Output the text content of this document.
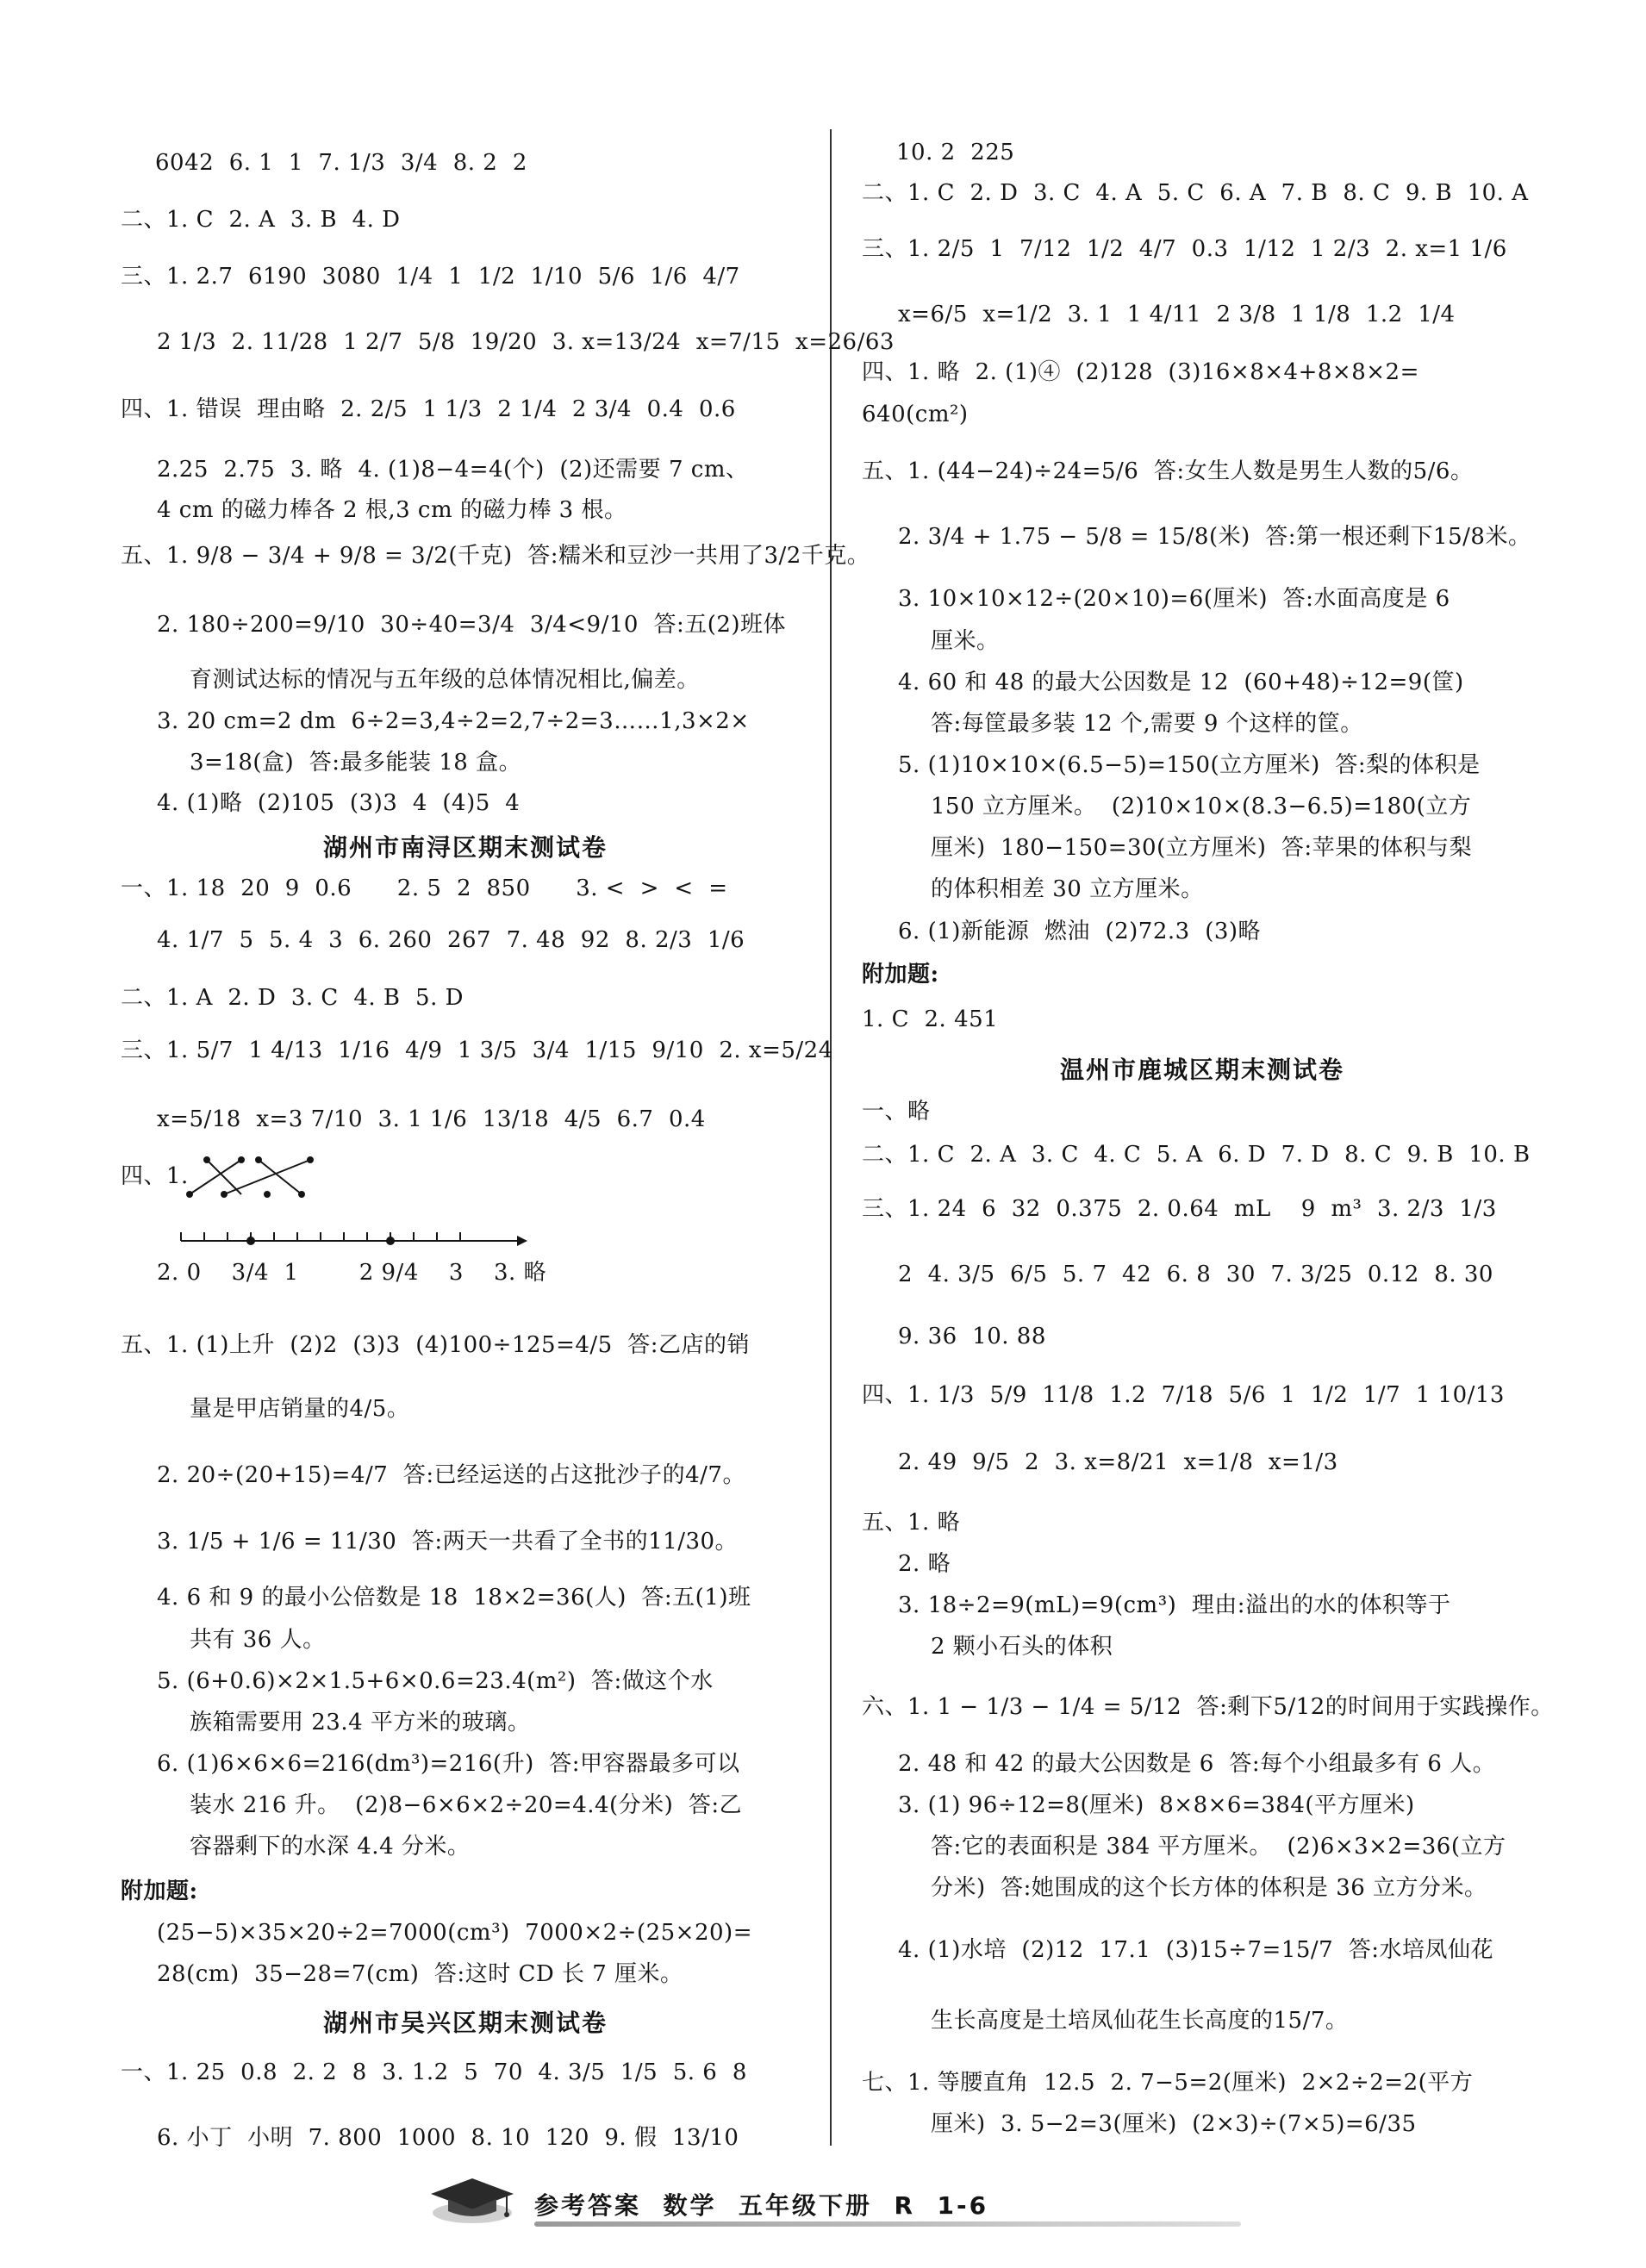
6042  6. 1  1  7. 1/3  3/4  8. 2  2
二、1. C  2. A  3. B  4. D
三、1. 2.7  6190  3080  1/4  1  1/2  1/10  5/6  1/6  4/7
2 1/3  2. 11/28  1 2/7  5/8  19/20  3. x=13/24  x=7/15  x=26/63
四、1. 错误  理由略  2. 2/5  1 1/3  2 1/4  2 3/4  0.4  0.6
2.25  2.75  3. 略  4. (1)8−4=4(个)  (2)还需要 7 cm、
4 cm 的磁力棒各 2 根,3 cm 的磁力棒 3 根。
五、1. 9/8 − 3/4 + 9/8 = 3/2(千克)  答:糯米和豆沙一共用了3/2千克。
2. 180÷200=9/10  30÷40=3/4  3/4<9/10  答:五(2)班体
育测试达标的情况与五年级的总体情况相比,偏差。
3. 20 cm=2 dm  6÷2=3,4÷2=2,7÷2=3……1,3×2×
3=18(盒)  答:最多能装 18 盒。
4. (1)略  (2)105  (3)3  4  (4)5  4
湖州市南浔区期末测试卷
一、1. 18  20  9  0.6      2. 5  2  850      3. <  >  <  =
4. 1/7  5  5. 4  3  6. 260  267  7. 48  92  8. 2/3  1/6
二、1. A  2. D  3. C  4. B  5. D
三、1. 5/7  1 4/13  1/16  4/9  1 3/5  3/4  1/15  9/10  2. x=5/24
x=5/18  x=3 7/10  3. 1 1/6  13/18  4/5  6.7  0.4
四、1.
2. 0    3/4  1        2 9/4    3    3. 略
五、1. (1)上升  (2)2  (3)3  (4)100÷125=4/5  答:乙店的销
量是甲店销量的4/5。
2. 20÷(20+15)=4/7  答:已经运送的占这批沙子的4/7。
3. 1/5 + 1/6 = 11/30  答:两天一共看了全书的11/30。
4. 6 和 9 的最小公倍数是 18  18×2=36(人)  答:五(1)班
共有 36 人。
5. (6+0.6)×2×1.5+6×0.6=23.4(m²)  答:做这个水
族箱需要用 23.4 平方米的玻璃。
6. (1)6×6×6=216(dm³)=216(升)  答:甲容器最多可以
装水 216 升。  (2)8−6×6×2÷20=4.4(分米)  答:乙
容器剩下的水深 4.4 分米。
附加题:
(25−5)×35×20÷2=7000(cm³)  7000×2÷(25×20)=
28(cm)  35−28=7(cm)  答:这时 CD 长 7 厘米。
湖州市吴兴区期末测试卷
一、1. 25  0.8  2. 2  8  3. 1.2  5  70  4. 3/5  1/5  5. 6  8
6. 小丁  小明  7. 800  1000  8. 10  120  9. 假  13/10
10. 2  225
二、1. C  2. D  3. C  4. A  5. C  6. A  7. B  8. C  9. B  10. A
三、1. 2/5  1  7/12  1/2  4/7  0.3  1/12  1 2/3  2. x=1 1/6
x=6/5  x=1/2  3. 1  1 4/11  2 3/8  1 1/8  1.2  1/4
四、1. 略  2. (1)④  (2)128  (3)16×8×4+8×8×2=
640(cm²)
五、1. (44−24)÷24=5/6  答:女生人数是男生人数的5/6。
2. 3/4 + 1.75 − 5/8 = 15/8(米)  答:第一根还剩下15/8米。
3. 10×10×12÷(20×10)=6(厘米)  答:水面高度是 6
厘米。
4. 60 和 48 的最大公因数是 12  (60+48)÷12=9(筐)
答:每筐最多装 12 个,需要 9 个这样的筐。
5. (1)10×10×(6.5−5)=150(立方厘米)  答:梨的体积是
150 立方厘米。  (2)10×10×(8.3−6.5)=180(立方
厘米)  180−150=30(立方厘米)  答:苹果的体积与梨
的体积相差 30 立方厘米。
6. (1)新能源  燃油  (2)72.3  (3)略
附加题:
1. C  2. 451
温州市鹿城区期末测试卷
一、略
二、1. C  2. A  3. C  4. C  5. A  6. D  7. D  8. C  9. B  10. B
三、1. 24  6  32  0.375  2. 0.64  mL    9  m³  3. 2/3  1/3
2  4. 3/5  6/5  5. 7  42  6. 8  30  7. 3/25  0.12  8. 30
9. 36  10. 88
四、1. 1/3  5/9  11/8  1.2  7/18  5/6  1  1/2  1/7  1 10/13
2. 49  9/5  2  3. x=8/21  x=1/8  x=1/3
五、1. 略
2. 略
3. 18÷2=9(mL)=9(cm³)  理由:溢出的水的体积等于
2 颗小石头的体积
六、1. 1 − 1/3 − 1/4 = 5/12  答:剩下5/12的时间用于实践操作。
2. 48 和 42 的最大公因数是 6  答:每个小组最多有 6 人。
3. (1) 96÷12=8(厘米)  8×8×6=384(平方厘米)
答:它的表面积是 384 平方厘米。  (2)6×3×2=36(立方
分米)  答:她围成的这个长方体的体积是 36 立方分米。
4. (1)水培  (2)12  17.1  (3)15÷7=15/7  答:水培凤仙花
生长高度是土培凤仙花生长高度的15/7。
七、1. 等腰直角  12.5  2. 7−5=2(厘米)  2×2÷2=2(平方
厘米)  3. 5−2=3(厘米)  (2×3)÷(7×5)=6/35
参考答案  数学  五年级下册  R  1-6
